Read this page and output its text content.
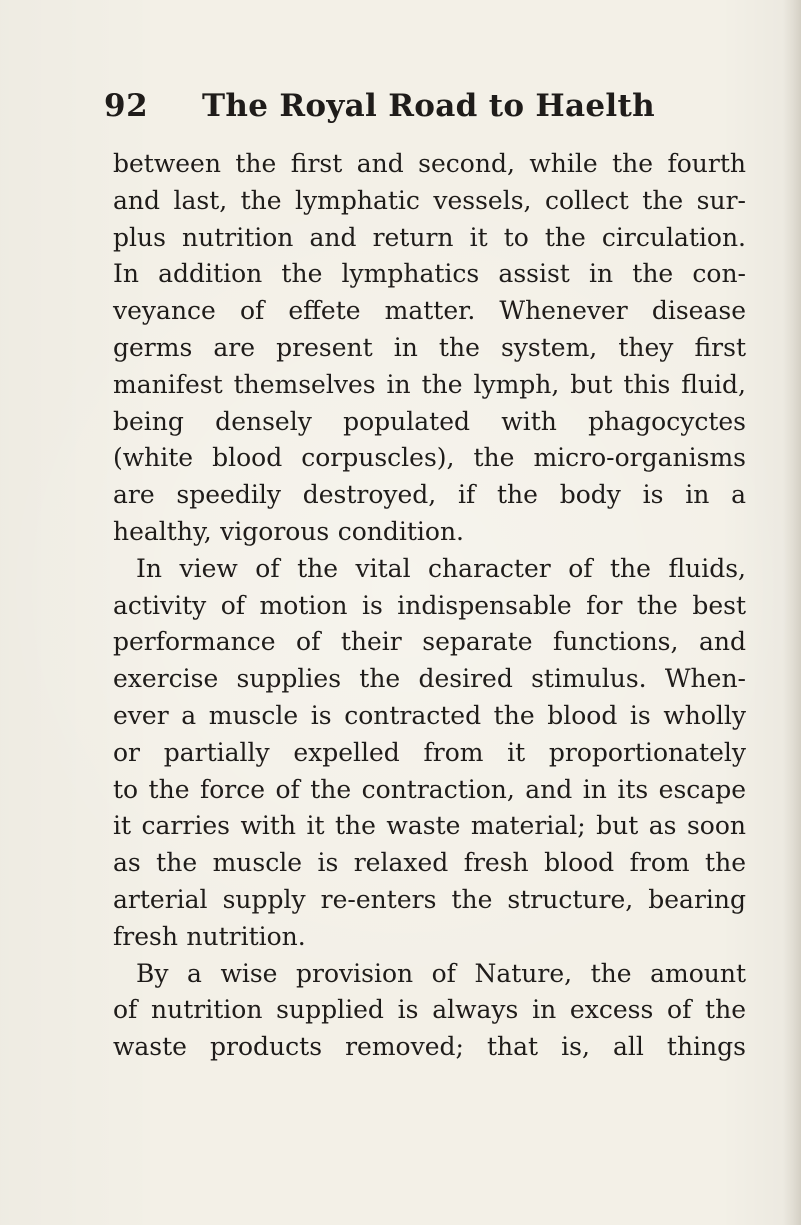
92 The Royal Road to Haelth
between the first and second, while the fourth
and last, the lymphatic vessels, collect the sur-
plus nutrition and return it to the circulation.
In addition the lymphatics assist in the con-
veyance of effete matter. Whenever disease
germs are present in the system, they first
manifest themselves in the lymph, but this fluid,
being densely populated with phagocyctes
(white blood corpuscles), the micro-organisms
are speedily destroyed, if the body is in a
healthy, vigorous condition.
In view of the vital character of the fluids,
activity of motion is indispensable for the best
performance of their separate functions, and
exercise supplies the desired stimulus. When-
ever a muscle is contracted the blood is wholly
or partially expelled from it proportionately
to the force of the contraction, and in its escape
it carries with it the waste material; but as soon
as the muscle is relaxed fresh blood from the
arterial supply re-enters the structure, bearing
fresh nutrition.
By a wise provision of Nature, the amount
of nutrition supplied is always in excess of the
waste products removed; that is, all things
